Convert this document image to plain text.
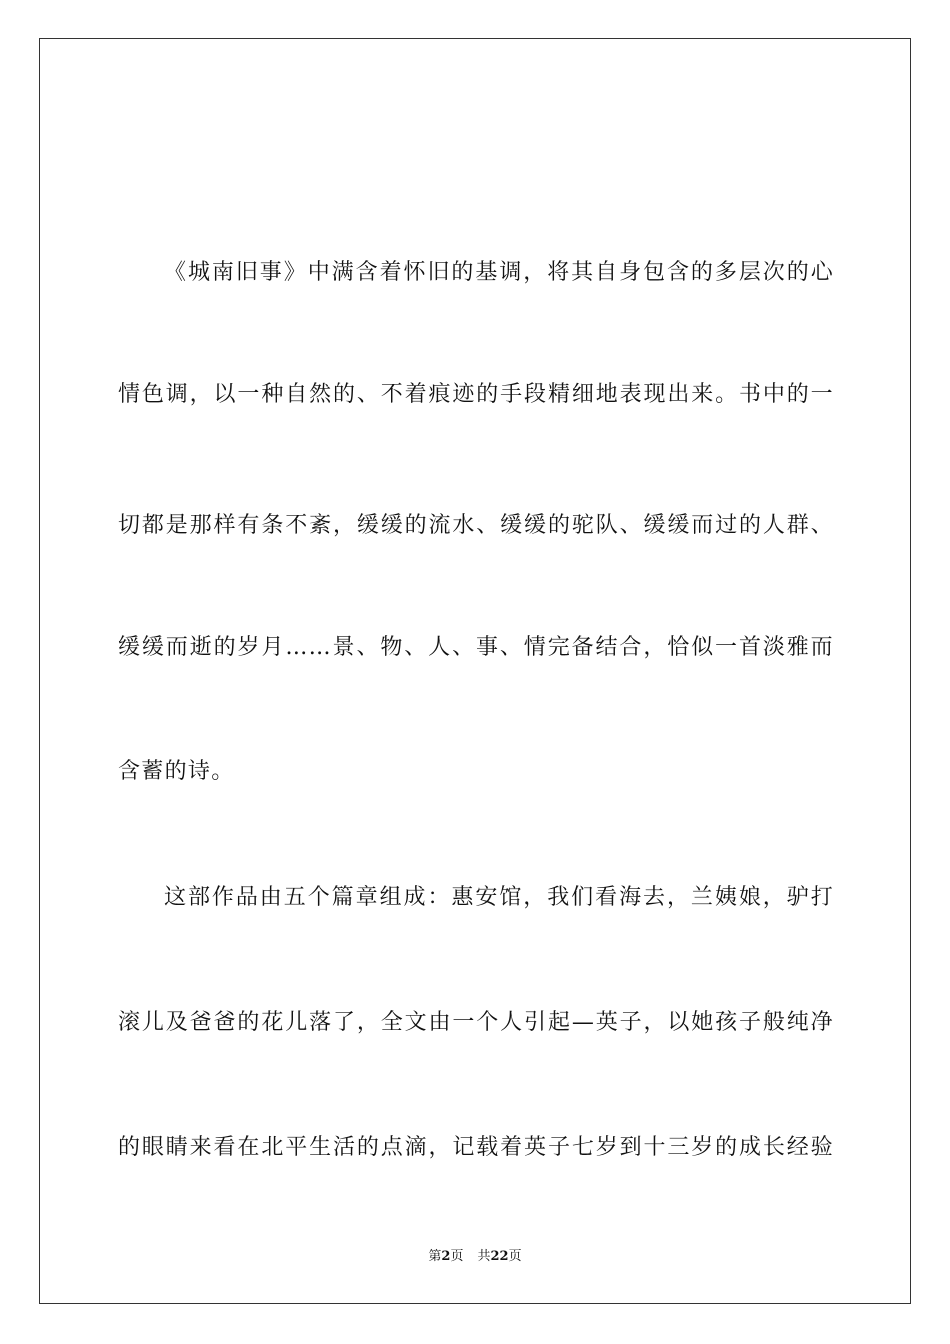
《城南旧事》中满含着怀旧的基调，将其自身包含的多层次的心
情色调，以一种自然的、不着痕迹的手段精细地表现出来。书中的一
切都是那样有条不紊，缓缓的流水、缓缓的驼队、缓缓而过的人群、
缓缓而逝的岁月……景、物、人、事、情完备结合，恰似一首淡雅而
含蓄的诗。
这部作品由五个篇章组成：惠安馆，我们看海去，兰姨娘，驴打
滚儿及爸爸的花儿落了，全文由一个人引起—英子，以她孩子般纯净
的眼睛来看在北平生活的点滴，记载着英子七岁到十三岁的成长经验
第2页 共22页
